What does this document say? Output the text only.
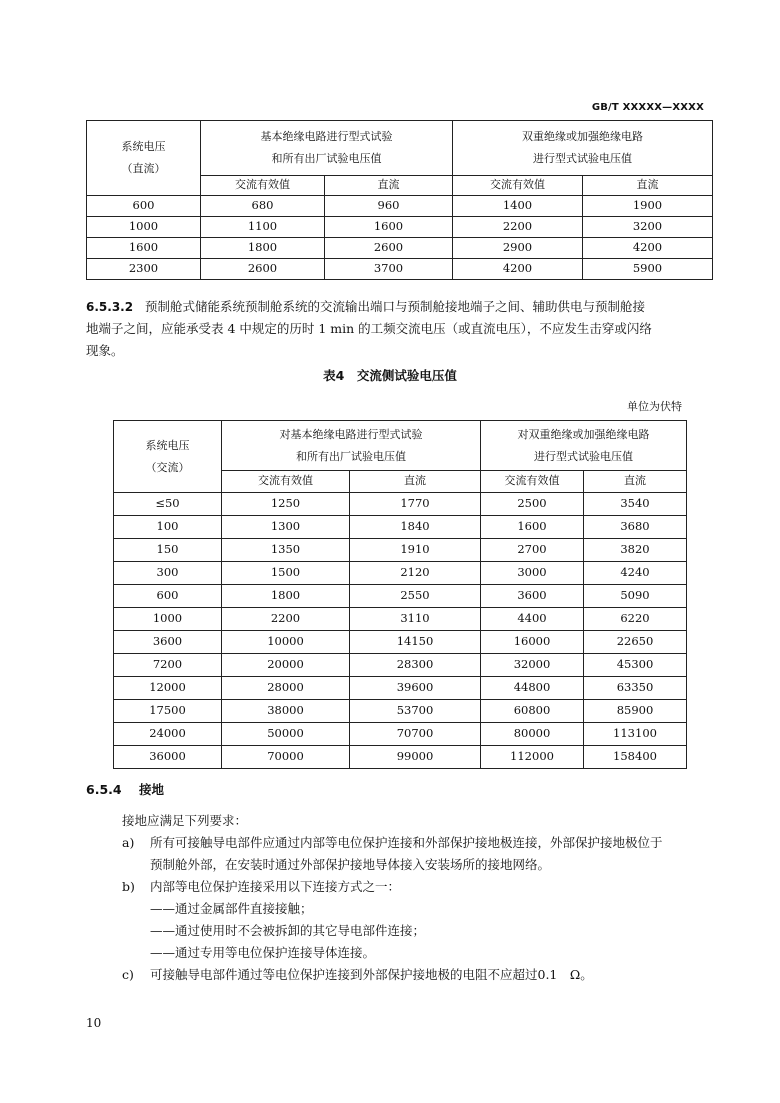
GB/T XXXXX—XXXX
系统电压
（直流）	基本绝缘电路进行型式试验
和所有出厂试验电压值		双重绝缘或加强绝缘电路
进行型式试验电压值	
	交流有效值	直流	交流有效值	直流
600	680	960	1400	1900
1000	1100	1600	2200	3200
1600	1800	2600	2900	4200
2300	2600	3700	4200	5900
6.5.3.2 预制舱式储能系统预制舱系统的交流输出端口与预制舱接地端子之间、辅助供电与预制舱接
地端子之间，应能承受表 4 中规定的历时 1 min 的工频交流电压（或直流电压），不应发生击穿或闪络
现象。
表4　交流侧试验电压值
单位为伏特
系统电压
（交流）	对基本绝缘电路进行型式试验
和所有出厂试验电压值		对双重绝缘或加强绝缘电路
进行型式试验电压值	
	交流有效值	直流	交流有效值	直流
≤50	1250	1770	2500	3540
100	1300	1840	1600	3680
150	1350	1910	2700	3820
300	1500	2120	3000	4240
600	1800	2550	3600	5090
1000	2200	3110	4400	6220
3600	10000	14150	16000	22650
7200	20000	28300	32000	45300
12000	28000	39600	44800	63350
17500	38000	53700	60800	85900
24000	50000	70700	80000	113100
36000	70000	99000	112000	158400
6.5.4 接地
接地应满足下列要求：
a) 所有可接触导电部件应通过内部等电位保护连接和外部保护接地极连接，外部保护接地极位于
预制舱外部，在安装时通过外部保护接地导体接入安装场所的接地网络。
b) 内部等电位保护连接采用以下连接方式之一：
——通过金属部件直接接触；
——通过使用时不会被拆卸的其它导电部件连接；
——通过专用等电位保护连接导体连接。
c) 可接触导电部件通过等电位保护连接到外部保护接地极的电阻不应超过0.1　Ω。
10
